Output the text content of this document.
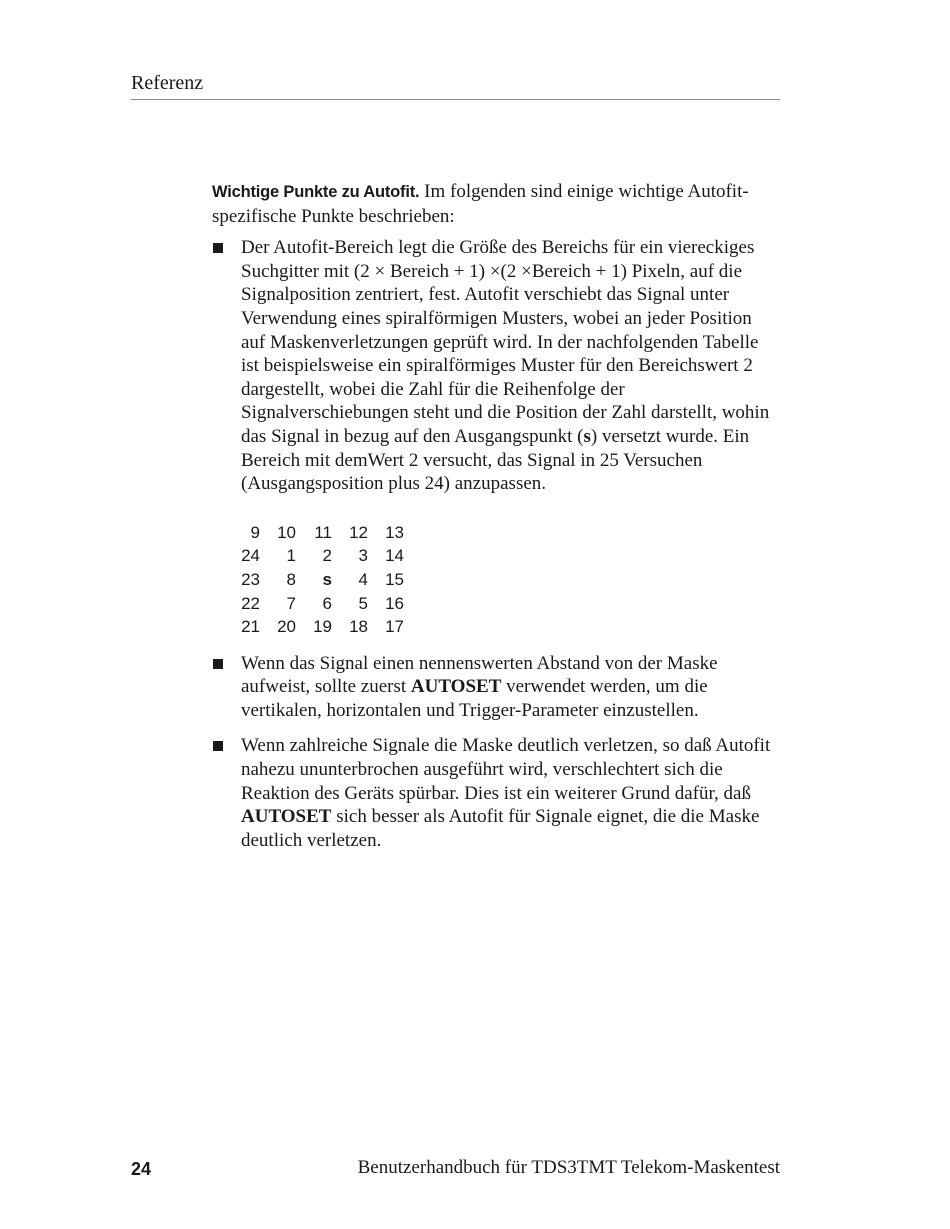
Referenz

Wichtige Punkte zu Autofit. Im folgenden sind einige wichtige Autofit-spezifische Punkte beschrieben:

Der Autofit-Bereich legt die Größe des Bereichs für ein viereckiges Suchgitter mit (2 × Bereich + 1) ×(2 ×Bereich + 1) Pixeln, auf die Signalposition zentriert, fest. Autofit verschiebt das Signal unter Verwendung eines spiralförmigen Musters, wobei an jeder Position auf Maskenverletzungen geprüft wird. In der nachfolgenden Tabelle ist beispielsweise ein spiralförmiges Muster für den Bereichswert 2 dargestellt, wobei die Zahl für die Reihenfolge der Signalverschiebungen steht und die Position der Zahl darstellt, wohin das Signal in bezug auf den Ausgangspunkt (s) versetzt wurde. Ein Bereich mit demWert 2 versucht, das Signal in 25 Versuchen (Ausgangsposition plus 24) anzupassen.

9	10	11	12	13
24	1	2	3	14
23	8	s	4	15
22	7	6	5	16
21	20	19	18	17

Wenn das Signal einen nennenswerten Abstand von der Maske aufweist, sollte zuerst AUTOSET verwendet werden, um die vertikalen, horizontalen und Trigger-Parameter einzustellen.

Wenn zahlreiche Signale die Maske deutlich verletzen, so daß Autofit nahezu ununterbrochen ausgeführt wird, verschlechtert sich die Reaktion des Geräts spürbar. Dies ist ein weiterer Grund dafür, daß AUTOSET sich besser als Autofit für Signale eignet, die die Maske deutlich verletzen.

24	Benutzerhandbuch für TDS3TMT Telekom-Maskentest
